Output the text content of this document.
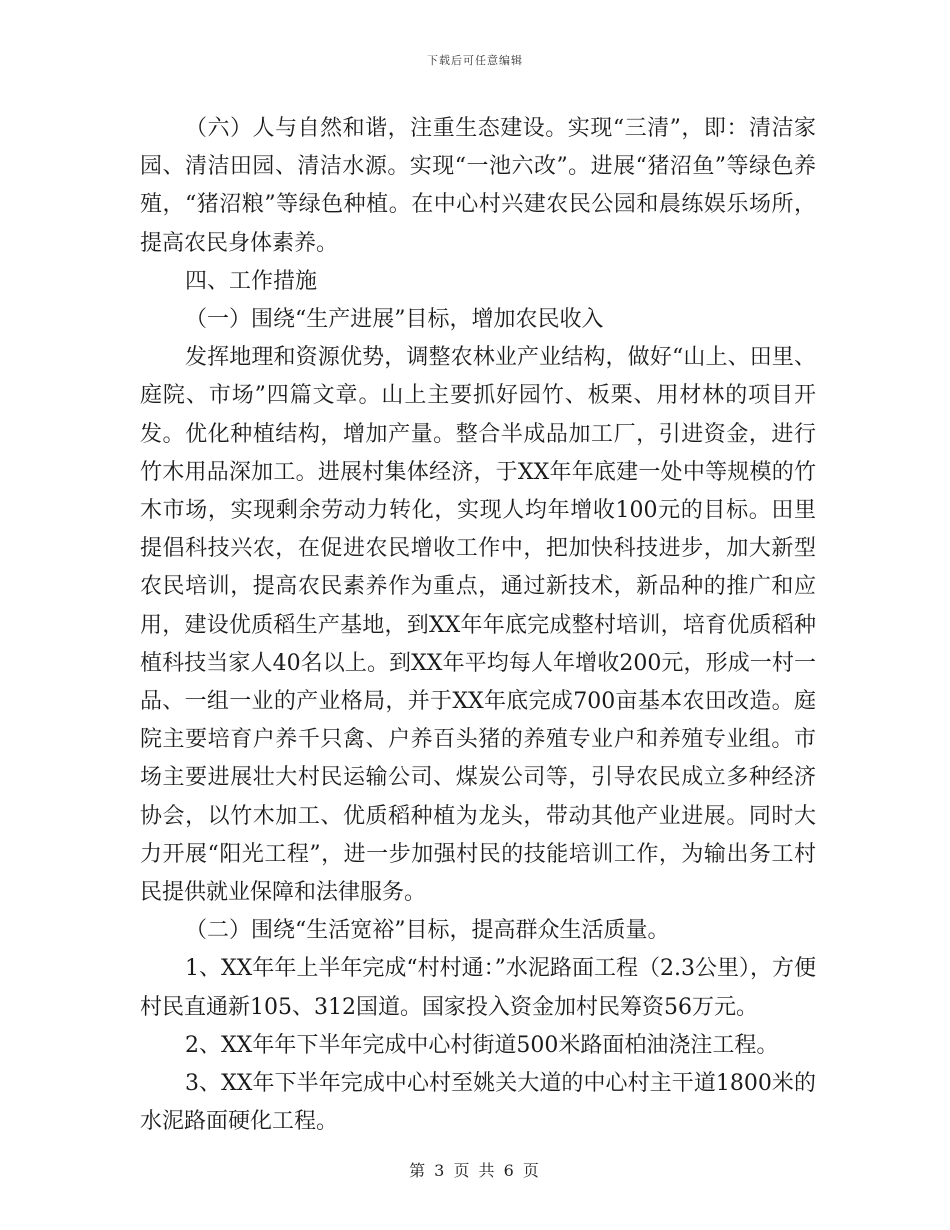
下载后可任意编辑

（六）人与自然和谐，注重生态建设。实现“三清”，即：清洁家园、清洁田园、清洁水源。实现“一池六改”。进展“猪沼鱼”等绿色养殖，“猪沼粮”等绿色种植。在中心村兴建农民公园和晨练娱乐场所，提高农民身体素养。

四、工作措施

（一）围绕“生产进展”目标，增加农民收入

发挥地理和资源优势，调整农林业产业结构，做好“山上、田里、庭院、市场”四篇文章。山上主要抓好园竹、板栗、用材林的项目开发。优化种植结构，增加产量。整合半成品加工厂，引进资金，进行竹木用品深加工。进展村集体经济，于XX年年底建一处中等规模的竹木市场，实现剩余劳动力转化，实现人均年增收100元的目标。田里提倡科技兴农，在促进农民增收工作中，把加快科技进步，加大新型农民培训，提高农民素养作为重点，通过新技术，新品种的推广和应用，建设优质稻生产基地，到XX年年底完成整村培训，培育优质稻种植科技当家人40名以上。到XX年平均每人年增收200元，形成一村一品、一组一业的产业格局，并于XX年底完成700亩基本农田改造。庭院主要培育户养千只禽、户养百头猪的养殖专业户和养殖专业组。市场主要进展壮大村民运输公司、煤炭公司等，引导农民成立多种经济协会，以竹木加工、优质稻种植为龙头，带动其他产业进展。同时大力开展“阳光工程”，进一步加强村民的技能培训工作，为输出务工村民提供就业保障和法律服务。

（二）围绕“生活宽裕”目标，提高群众生活质量。

1、XX年年上半年完成“村村通：”水泥路面工程（2.3公里），方便村民直通新105、312国道。国家投入资金加村民筹资56万元。

2、XX年年下半年完成中心村街道500米路面柏油浇注工程。

3、XX年下半年完成中心村至姚关大道的中心村主干道1800米的水泥路面硬化工程。

第 3 页 共 6 页
